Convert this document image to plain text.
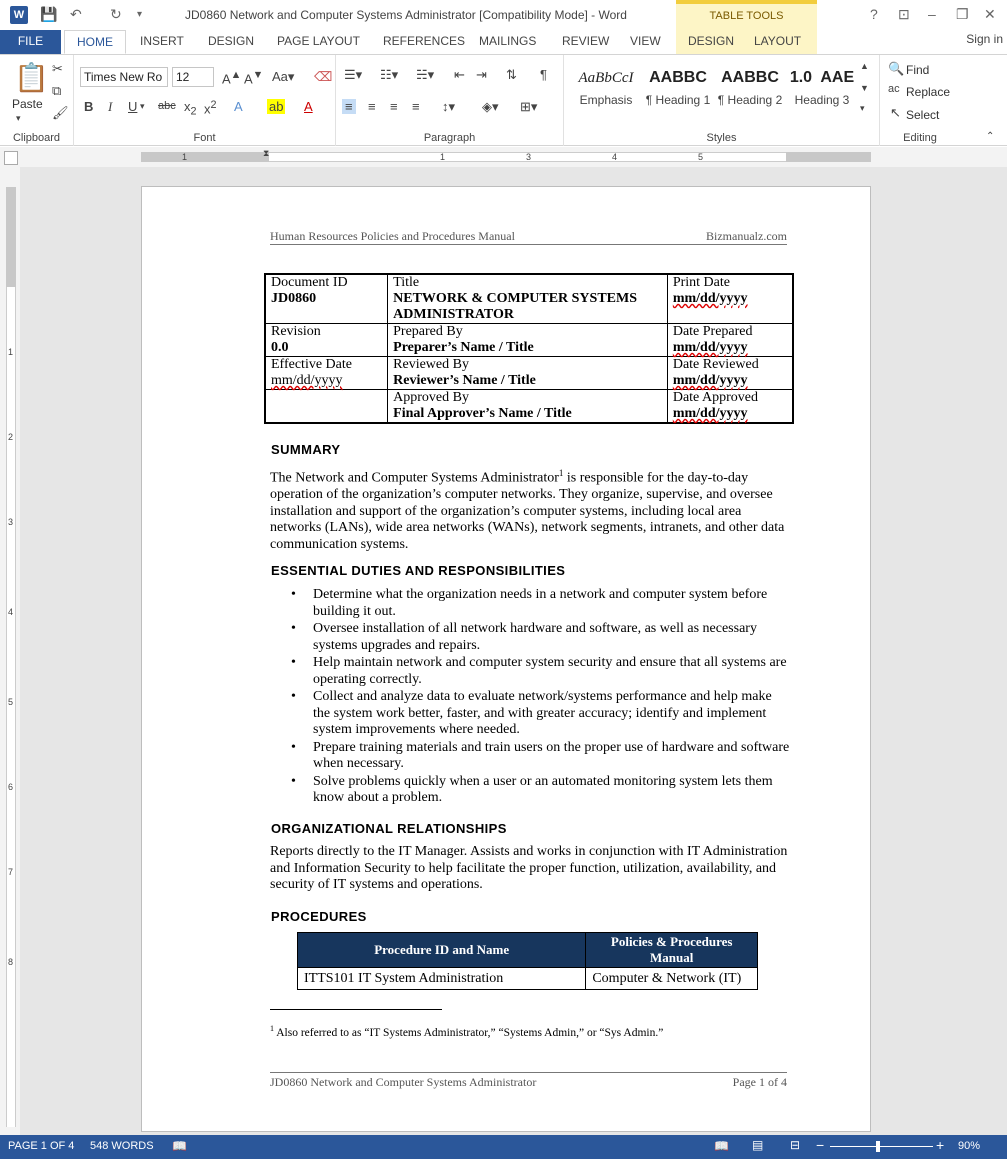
W 💾 ↶ ↻ ▾	JD0860 Network and Computer Systems Administrator [Compatibility Mode] - Word	TABLE TOOLS	? ⊡ – ❐ ✕
FILE	HOME	INSERT	DESIGN	PAGE LAYOUT	REFERENCES	MAILINGS	REVIEW	VIEW	DESIGN	LAYOUT	Sign in
📋
Paste
▾
✂
⧉
🖌
Clipboard
Times New Ro
12
A▲ A▼ Aa▾ ⌫
B I U ▾ abc $x_2$ $x^2$ A ab A
Font
☰▾ ☷▾ ☵▾ ⇤ ⇥ ⇅ ¶
≡ ≡ ≡ ≡ ↕▾ ◈▾ ⊞▾
Paragraph
AaBbCcI
Emphasis
AABBC
¶ Heading 1
AABBC
¶ Heading 2
1.0  AAE
Heading 3
▲
▼
▾
Styles
🔍 Find
ac Replace
↖ Select
Editing	⌃
1	1	3	4	5
⧗
1
2
3
4
5
6
7
8
Human Resources Policies and Procedures Manual	Bizmanualz.com
Document ID
JD0860	Title
NETWORK & COMPUTER SYSTEMS ADMINISTRATOR	Print Date
mm/dd/yyyy
Revision
0.0	Prepared By
Preparer’s Name / Title	Date Prepared
mm/dd/yyyy
Effective Date
mm/dd/yyyy	Reviewed By
Reviewer’s Name / Title	Date Reviewed
mm/dd/yyyy
	Approved By
Final Approver’s Name / Title	Date Approved
mm/dd/yyyy
SUMMARY
The Network and Computer Systems Administrator$^1$ is responsible for the day-to-day operation of the organization’s computer networks. They organize, supervise, and oversee installation and support of the organization’s computer systems, including local area networks (LANs), wide area networks (WANs), network segments, intranets, and other data communication systems.
ESSENTIAL DUTIES AND RESPONSIBILITIES
• Determine what the organization needs in a network and computer system before building it out.
• Oversee installation of all network hardware and software, as well as necessary systems upgrades and repairs.
• Help maintain network and computer system security and ensure that all systems are operating correctly.
• Collect and analyze data to evaluate network/systems performance and help make the system work better, faster, and with greater accuracy; identify and implement system improvements where needed.
• Prepare training materials and train users on the proper use of hardware and software when necessary.
• Solve problems quickly when a user or an automated monitoring system lets them know about a problem.
ORGANIZATIONAL RELATIONSHIPS
Reports directly to the IT Manager. Assists and works in conjunction with IT Administration and Information Security to help facilitate the proper function, utilization, availability, and security of IT systems and operations.
PROCEDURES
Procedure ID and Name	Policies & Procedures Manual
ITTS101 IT System Administration	Computer & Network (IT)
$^1$ Also referred to as “IT Systems Administrator,” “Systems Admin,” or “Sys Admin.”
JD0860 Network and Computer Systems Administrator	Page 1 of 4
PAGE 1 OF 4 548 WORDS 📖	📖 ▤ ⊟ −	+ 90%
